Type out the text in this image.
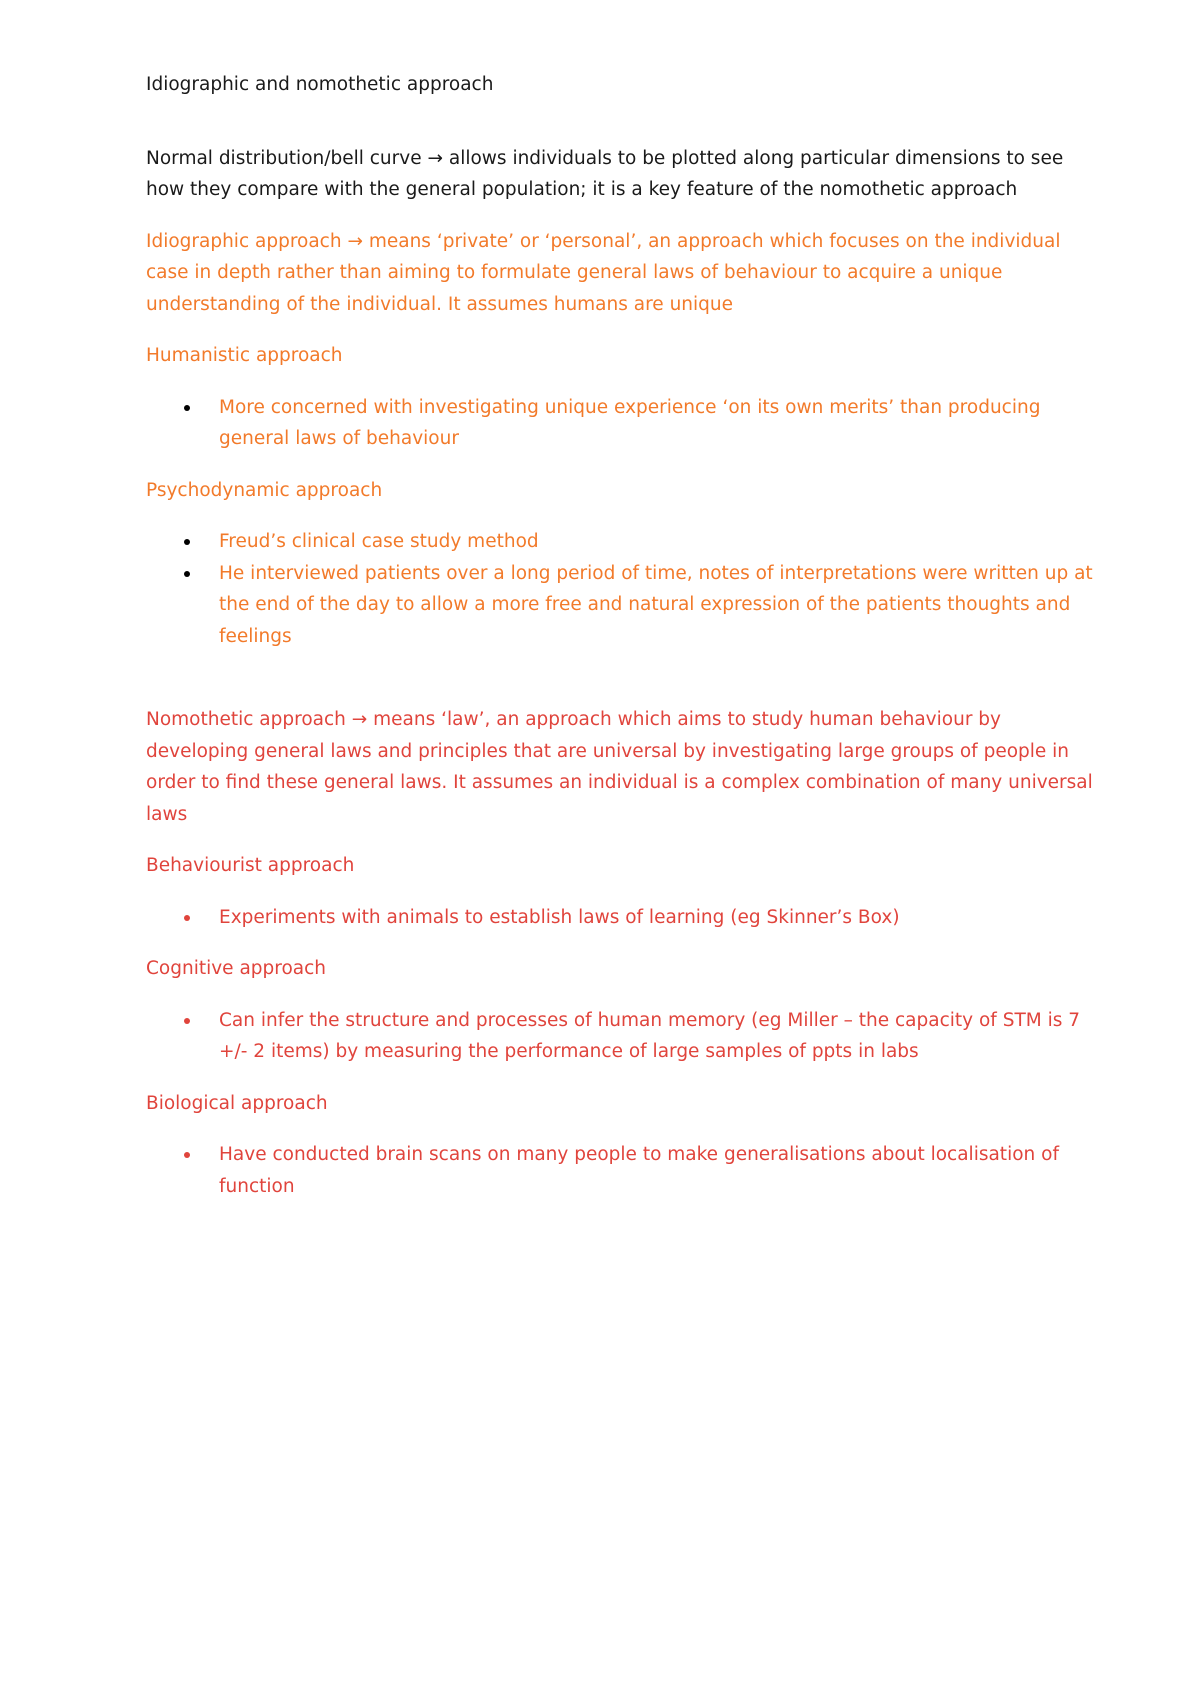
Idiographic and nomothetic approach

Normal distribution/bell curve → allows individuals to be plotted along particular dimensions to see how they compare with the general population; it is a key feature of the nomothetic approach

Idiographic approach → means ‘private’ or ‘personal’, an approach which focuses on the individual case in depth rather than aiming to formulate general laws of behaviour to acquire a unique understanding of the individual. It assumes humans are unique

Humanistic approach

More concerned with investigating unique experience ‘on its own merits’ than producing general laws of behaviour

Psychodynamic approach

Freud’s clinical case study method
He interviewed patients over a long period of time, notes of interpretations were written up at the end of the day to allow a more free and natural expression of the patients thoughts and feelings

Nomothetic approach → means ‘law’, an approach which aims to study human behaviour by developing general laws and principles that are universal by investigating large groups of people in order to find these general laws. It assumes an individual is a complex combination of many universal laws

Behaviourist approach

Experiments with animals to establish laws of learning (eg Skinner’s Box)

Cognitive approach

Can infer the structure and processes of human memory (eg Miller – the capacity of STM is 7 +/- 2 items) by measuring the performance of large samples of ppts in labs

Biological approach

Have conducted brain scans on many people to make generalisations about localisation of function
